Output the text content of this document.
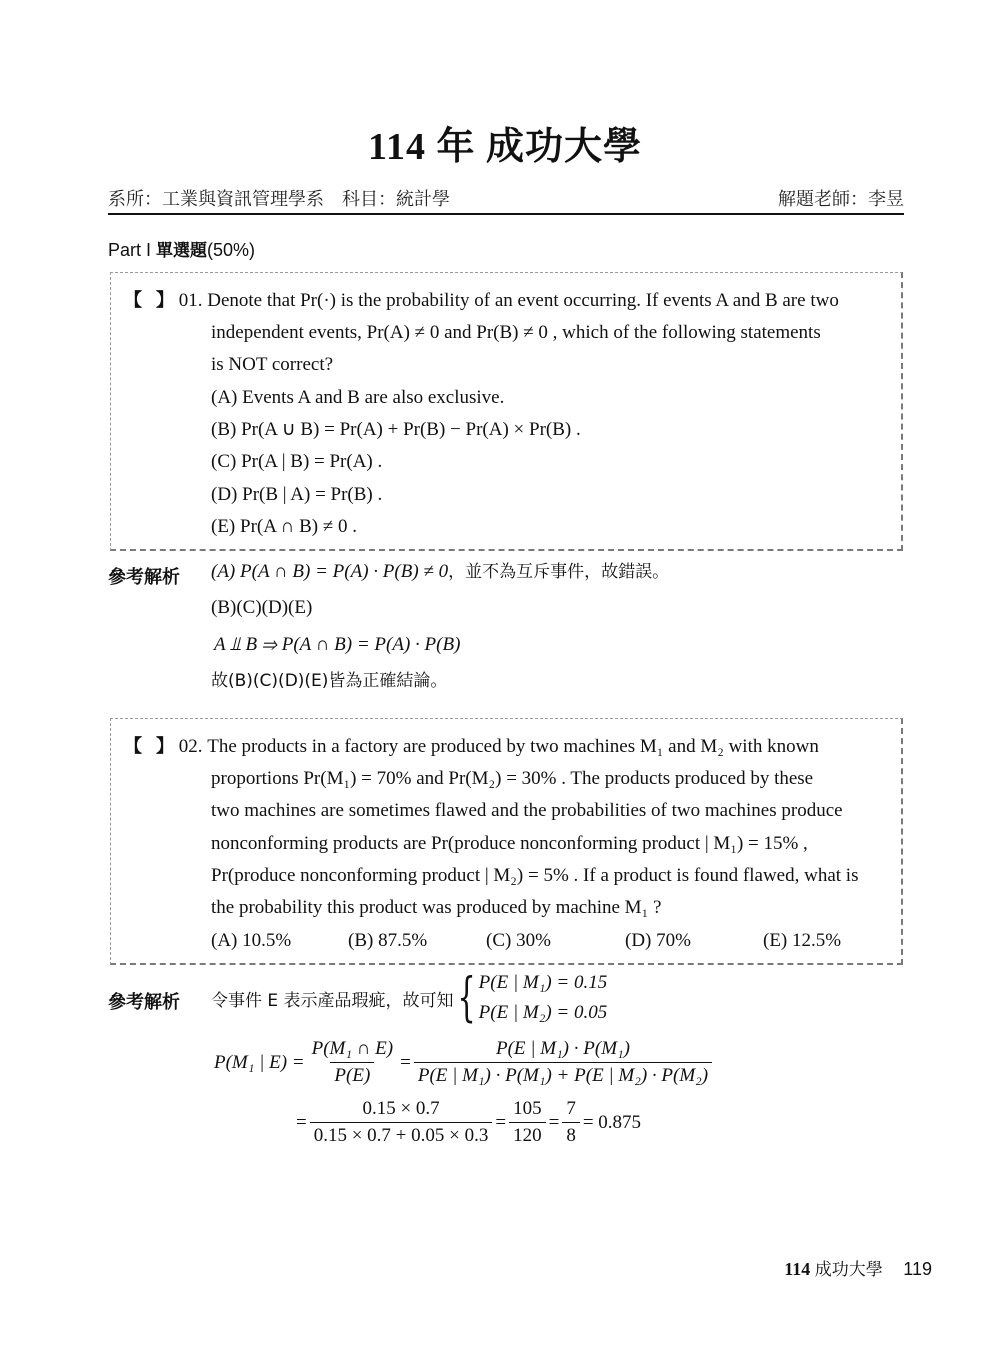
114 年 成功大學
系所：工業與資訊管理學系　科目：統計學	解題老師：李昱
Part I 單選題(50%)
【 】 01. Denote that Pr(·) is the probability of an event occurring. If events A and B are two
independent events, Pr(A) ≠ 0 and Pr(B) ≠ 0 , which of the following statements
is NOT correct?
(A) Events A and B are also exclusive.
(B) Pr(A ∪ B) = Pr(A) + Pr(B) − Pr(A) × Pr(B) .
(C) Pr(A | B) = Pr(A) .
(D) Pr(B | A) = Pr(B) .
(E) Pr(A ∩ B) ≠ 0 .
參考解析 (A) P(A ∩ B) = P(A) · P(B) ≠ 0，並不為互斥事件，故錯誤。
(B)(C)(D)(E)
A ⫫ B ⇒ P(A ∩ B) = P(A) · P(B)
故(B)(C)(D)(E)皆為正確結論。
【 】 02. The products in a factory are produced by two machines M₁ and M₂ with known
proportions Pr(M₁) = 70% and Pr(M₂) = 30% . The products produced by these
two machines are sometimes flawed and the probabilities of two machines produce
nonconforming products are Pr(produce nonconforming product | M₁) = 15% ,
Pr(produce nonconforming product | M₂) = 5% . If a product is found flawed, what is
the probability this product was produced by machine M₁ ?
(A) 10.5%	(B) 87.5%	(C) 30%	(D) 70%	(E) 12.5%
參考解析 令事件 E 表示產品瑕疵，故可知 { P(E | M₁) = 0.15
P(E | M₂) = 0.05
P(M₁ | $E) = \frac{\text{P(M₁ ∩ E)}}{P(E)} = \frac{\text{P(E | M₁) · P(M₁)}}{\text{P(E | M₁) · P(M₁) + P(E | M₂) · P(M₂)}}$
= $\frac{0.15 \times 0.7}{0.15 \times 0.7 + 0.05 \times 0.3} = \frac{105}{120} = \frac{7}{8} = 0.875$
114 成功大學 119
